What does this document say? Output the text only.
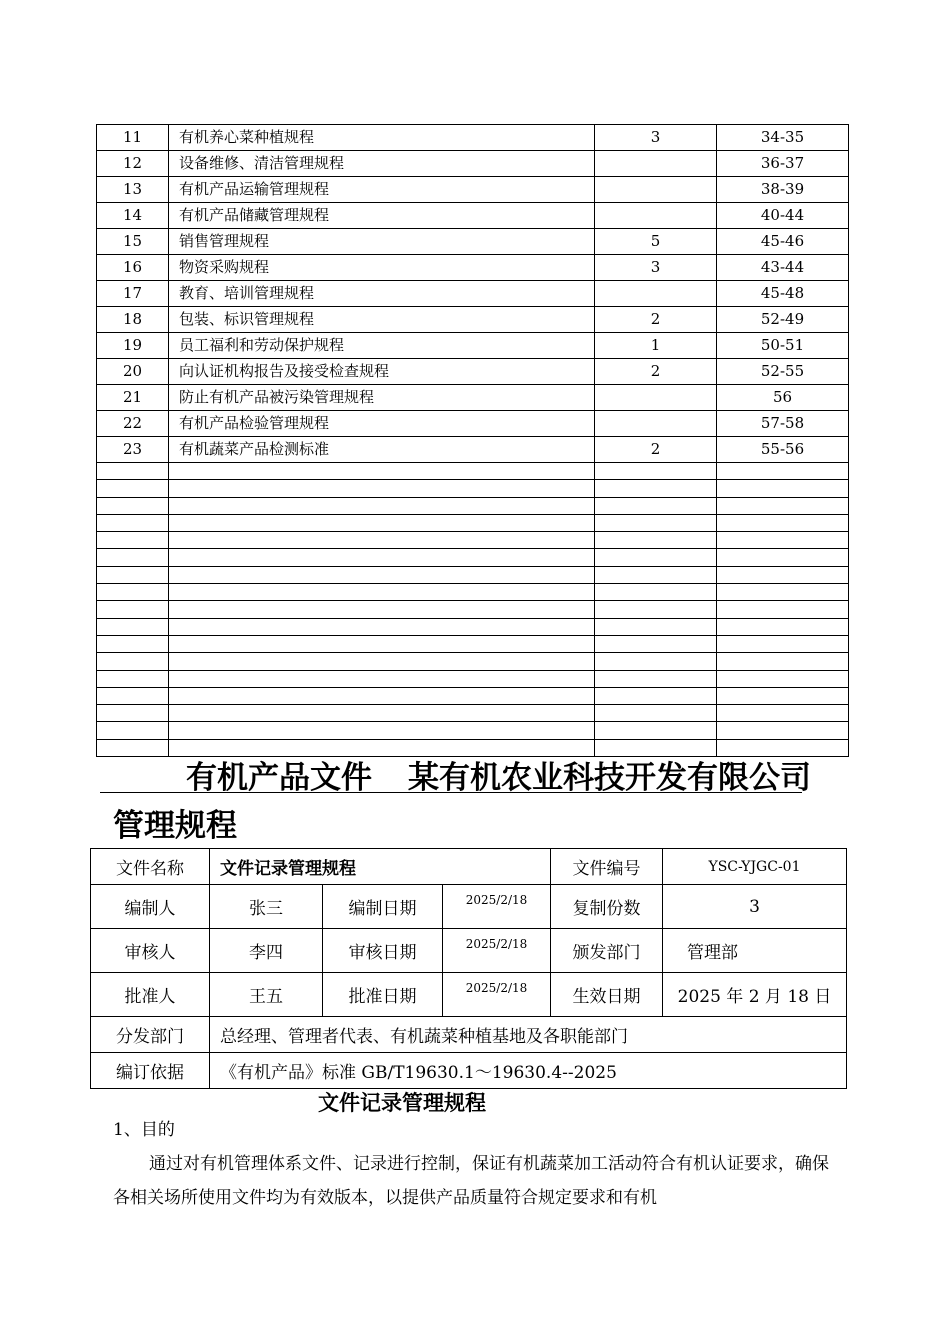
11	有机养心菜种植规程	3	34-35
12	设备维修、清洁管理规程		36-37
13	有机产品运输管理规程		38-39
14	有机产品储藏管理规程		40-44
15	销售管理规程	5	45-46
16	物资采购规程	3	43-44
17	教育、培训管理规程		45-48
18	包装、标识管理规程	2	52-49
19	员工福利和劳动保护规程	1	50-51
20	向认证机构报告及接受检查规程	2	52-55
21	防止有机产品被污染管理规程		56
22	有机产品检验管理规程		57-58
23	有机蔬菜产品检测标准	2	55-56

有机产品文件 某有机农业科技开发有限公司
管理规程
文件名称	文件记录管理规程			文件编号	YSC-YJGC-01
编制人	张三	编制日期	2025/2/18	复制份数	3
审核人	李四	审核日期	2025/2/18	颁发部门	管理部
批准人	王五	批准日期	2025/2/18	生效日期	2025 年 2 月 18 日
分发部门	总经理、管理者代表、有机蔬菜种植基地及各职能部门				
编订依据	《有机产品》标准 GB/T19630.1～19630.4--2025				
文件记录管理规程
1、目的
通过对有机管理体系文件、记录进行控制，保证有机蔬菜加工活动符合有机认证要求，确保各相关场所使用文件均为有效版本，以提供产品质量符合规定要求和有机
